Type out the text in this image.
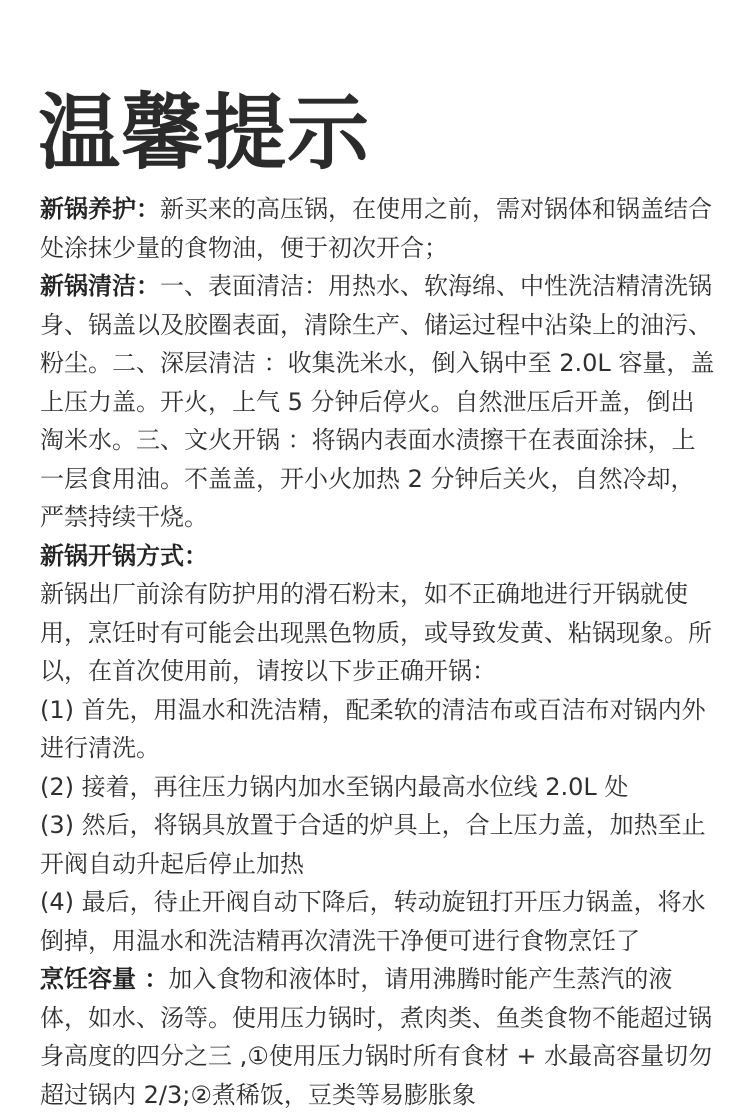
温馨提示

新锅养护：新买来的高压锅，在使用之前，需对锅体和锅盖结合处涂抹少量的食物油，便于初次开合；

新锅清洁：一、表面清洁：用热水、软海绵、中性洗洁精清洗锅身、锅盖以及胶圈表面，清除生产、储运过程中沾染上的油污、粉尘。二、深层清洁 ：收集洗米水，倒入锅中至 2.0L 容量，盖上压力盖。开火，上气 5 分钟后停火。自然泄压后开盖，倒出淘米水。三、文火开锅 ：将锅内表面水渍擦干在表面涂抹，上一层食用油。不盖盖，开小火加热 2 分钟后关火，自然冷却，严禁持续干烧。

新锅开锅方式：

新锅出厂前涂有防护用的滑石粉末，如不正确地进行开锅就使用，烹饪时有可能会出现黑色物质，或导致发黄、粘锅现象。所以，在首次使用前，请按以下步正确开锅：

(1) 首先，用温水和洗洁精，配柔软的清洁布或百洁布对锅内外进行清洗。

(2) 接着，再往压力锅内加水至锅内最高水位线 2.0L 处

(3) 然后，将锅具放置于合适的炉具上，合上压力盖，加热至止开阀自动升起后停止加热

(4) 最后，待止开阀自动下降后，转动旋钮打开压力锅盖，将水倒掉，用温水和洗洁精再次清洗干净便可进行食物烹饪了

烹饪容量 ：加入食物和液体时，请用沸腾时能产生蒸汽的液体，如水、汤等。使用压力锅时，煮肉类、鱼类食物不能超过锅身高度的四分之三 ,①使用压力锅时所有食材 + 水最高容量切勿超过锅内 2/3;②煮稀饭，豆类等易膨胀象
